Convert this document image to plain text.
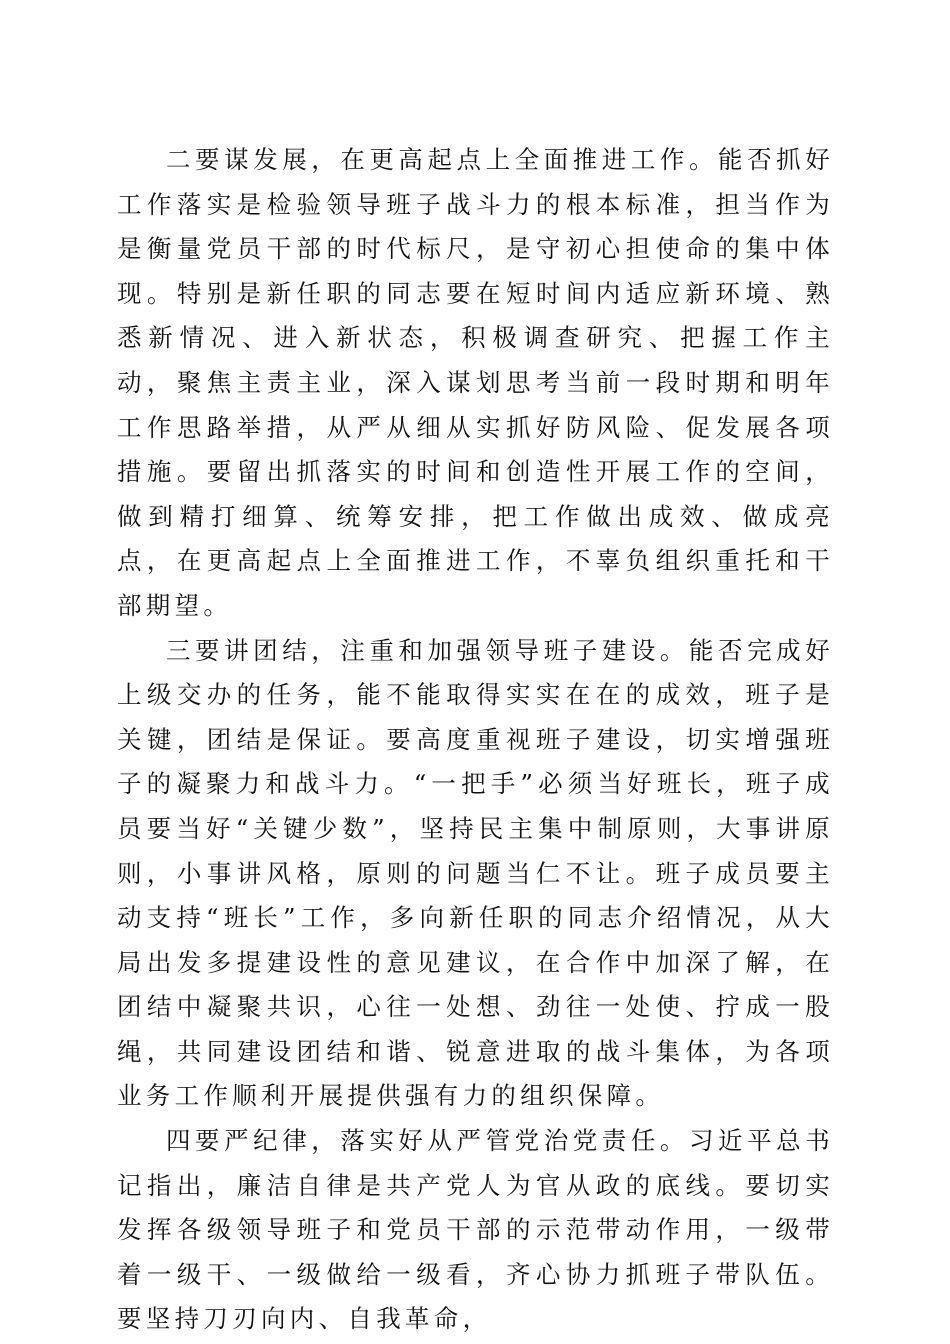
二要谋发展，在更高起点上全面推进工作。能否抓好工作落实是检验领导班子战斗力的根本标准，担当作为是衡量党员干部的时代标尺，是守初心担使命的集中体现。特别是新任职的同志要在短时间内适应新环境、熟悉新情况、进入新状态，积极调查研究、把握工作主动，聚焦主责主业，深入谋划思考当前一段时期和明年工作思路举措，从严从细从实抓好防风险、促发展各项措施。要留出抓落实的时间和创造性开展工作的空间，做到精打细算、统筹安排，把工作做出成效、做成亮点，在更高起点上全面推进工作，不辜负组织重托和干部期望。

三要讲团结，注重和加强领导班子建设。能否完成好上级交办的任务，能不能取得实实在在的成效，班子是关键，团结是保证。要高度重视班子建设，切实增强班子的凝聚力和战斗力。“一把手”必须当好班长，班子成员要当好“关键少数”，坚持民主集中制原则，大事讲原则，小事讲风格，原则的问题当仁不让。班子成员要主动支持“班长”工作，多向新任职的同志介绍情况，从大局出发多提建设性的意见建议，在合作中加深了解，在团结中凝聚共识，心往一处想、劲往一处使、拧成一股绳，共同建设团结和谐、锐意进取的战斗集体，为各项业务工作顺利开展提供强有力的组织保障。

四要严纪律，落实好从严管党治党责任。习近平总书记指出，廉洁自律是共产党人为官从政的底线。要切实发挥各级领导班子和党员干部的示范带动作用，一级带着一级干、一级做给一级看，齐心协力抓班子带队伍。要坚持刀刃向内、自我革命，
